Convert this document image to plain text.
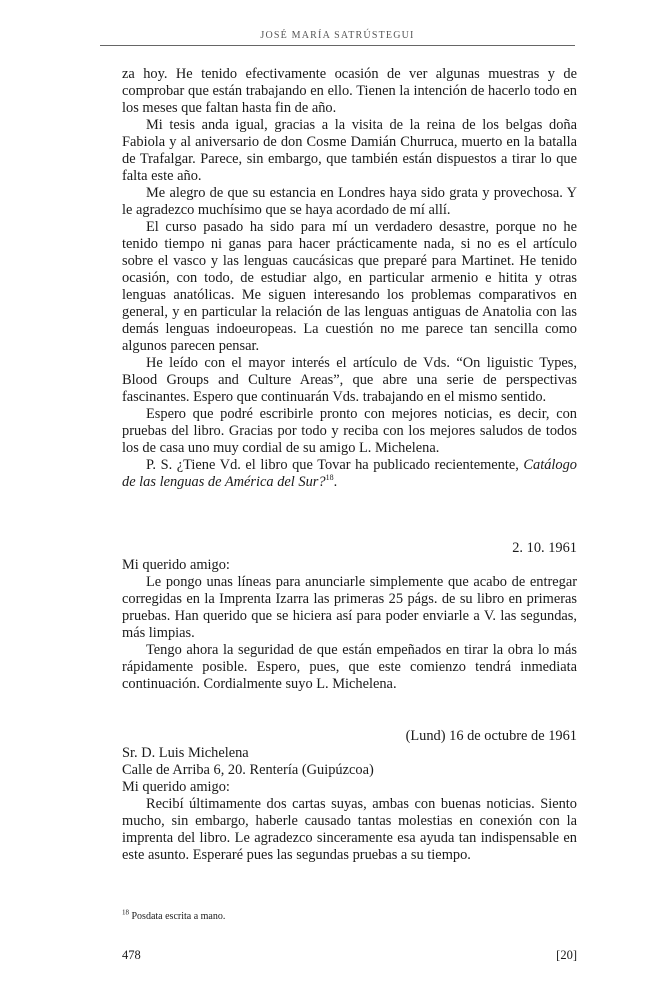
JOSÉ MARÍA SATRÚSTEGUI

za hoy. He tenido efectivamente ocasión de ver algunas muestras y de comprobar que están trabajando en ello. Tienen la intención de hacerlo todo en los meses que faltan hasta fin de año.

Mi tesis anda igual, gracias a la visita de la reina de los belgas doña Fabiola y al aniversario de don Cosme Damián Churruca, muerto en la batalla de Trafalgar. Parece, sin embargo, que también están dispuestos a tirar lo que falta este año.

Me alegro de que su estancia en Londres haya sido grata y provechosa. Y le agradezco muchísimo que se haya acordado de mí allí.

El curso pasado ha sido para mí un verdadero desastre, porque no he tenido tiempo ni ganas para hacer prácticamente nada, si no es el artículo sobre el vasco y las lenguas caucásicas que preparé para Martinet. He tenido ocasión, con todo, de estudiar algo, en particular armenio e hitita y otras lenguas anatólicas. Me siguen interesando los problemas comparativos en general, y en particular la relación de las lenguas antiguas de Anatolia con las demás lenguas indoeuropeas. La cuestión no me parece tan sencilla como algunos parecen pensar.

He leído con el mayor interés el artículo de Vds. “On liguistic Types, Blood Groups and Culture Areas”, que abre una serie de perspectivas fascinantes. Espero que continuarán Vds. trabajando en el mismo sentido.

Espero que podré escribirle pronto con mejores noticias, es decir, con pruebas del libro. Gracias por todo y reciba con los mejores saludos de todos los de casa uno muy cordial de su amigo L. Michelena.

P. S. ¿Tiene Vd. el libro que Tovar ha publicado recientemente, Catálogo de las lenguas de América del Sur?$^{18}$.

2. 10. 1961

Mi querido amigo:

Le pongo unas líneas para anunciarle simplemente que acabo de entregar corregidas en la Imprenta Izarra las primeras 25 págs. de su libro en primeras pruebas. Han querido que se hiciera así para poder enviarle a V. las segundas, más limpias.

Tengo ahora la seguridad de que están empeñados en tirar la obra lo más rápidamente posible. Espero, pues, que este comienzo tendrá inmediata continuación. Cordialmente suyo L. Michelena.

(Lund) 16 de octubre de 1961

Sr. D. Luis Michelena

Calle de Arriba 6, 20. Rentería (Guipúzcoa)

Mi querido amigo:

Recibí últimamente dos cartas suyas, ambas con buenas noticias. Siento mucho, sin embargo, haberle causado tantas molestias en conexión con la imprenta del libro. Le agradezco sinceramente esa ayuda tan indispensable en este asunto. Esperaré pues las segundas pruebas a su tiempo.

$^{18}$ Posdata escrita a mano.
478	[20]
